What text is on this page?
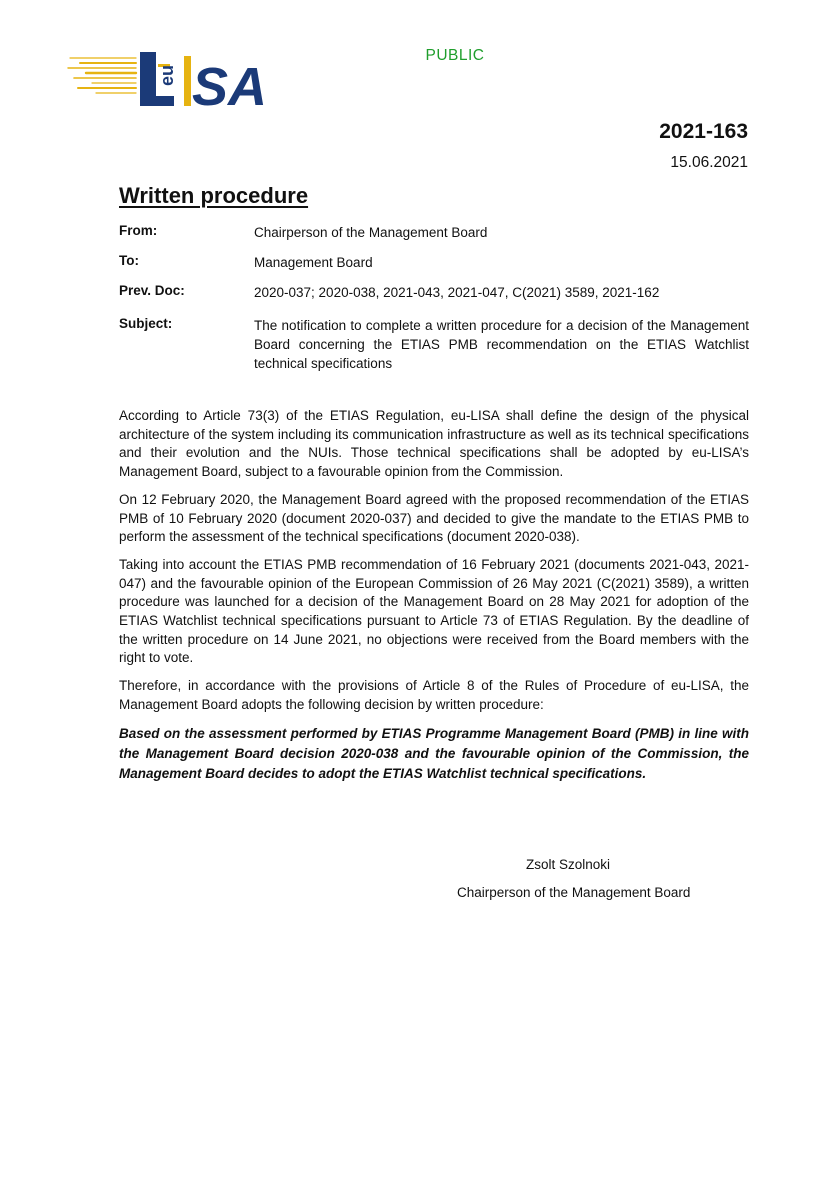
eu SA
PUBLIC
2021-163
15.06.2021
Written procedure
From:	Chairperson of the Management Board
To:	Management Board
Prev. Doc:	2020-037; 2020-038, 2021-043, 2021-047, C(2021) 3589, 2021-162
Subject:	The notification to complete a written procedure for a decision of the Management Board concerning the ETIAS PMB recommendation on the ETIAS Watchlist technical specifications

According to Article 73(3) of the ETIAS Regulation, eu-LISA shall define the design of the physical architecture of the system including its communication infrastructure as well as its technical specifications and their evolution and the NUIs. Those technical specifications shall be adopted by eu-LISA’s Management Board, subject to a favourable opinion from the Commission.

On 12 February 2020, the Management Board agreed with the proposed recommendation of the ETIAS PMB of 10 February 2020 (document 2020-037) and decided to give the mandate to the ETIAS PMB to perform the assessment of the technical specifications (document 2020-038).

Taking into account the ETIAS PMB recommendation of 16 February 2021 (documents 2021-043, 2021-047) and the favourable opinion of the European Commission of 26 May 2021 (C(2021) 3589), a written procedure was launched for a decision of the Management Board on 28 May 2021 for adoption of the ETIAS Watchlist technical specifications pursuant to Article 73 of ETIAS Regulation. By the deadline of the written procedure on 14 June 2021, no objections were received from the Board members with the right to vote.

Therefore, in accordance with the provisions of Article 8 of the Rules of Procedure of eu-LISA, the Management Board adopts the following decision by written procedure:

Based on the assessment performed by ETIAS Programme Management Board (PMB) in line with the Management Board decision 2020-038 and the favourable opinion of the Commission, the Management Board decides to adopt the ETIAS Watchlist technical specifications.

Zsolt Szolnoki
Chairperson of the Management Board
